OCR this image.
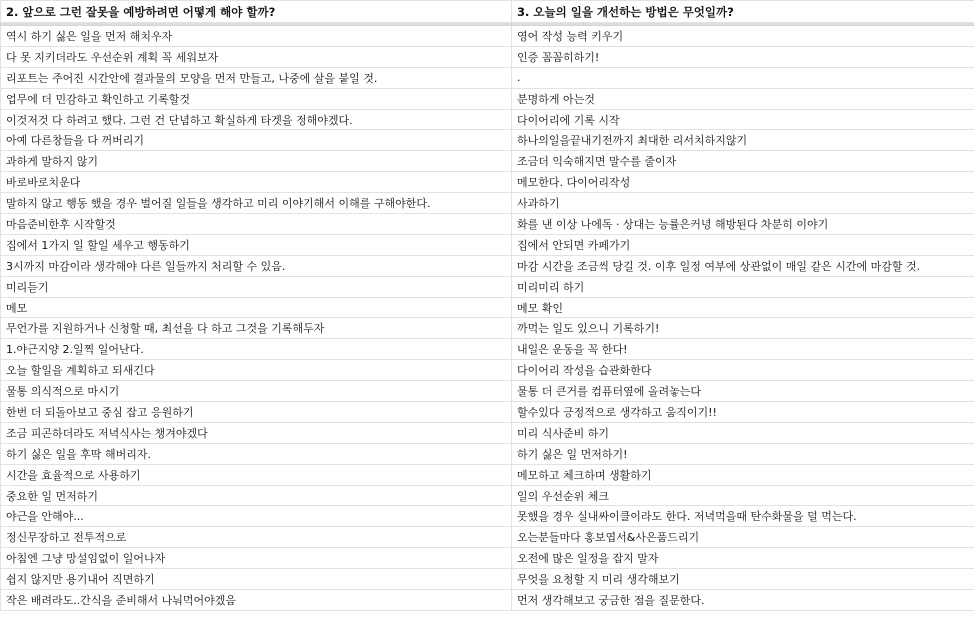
2. 앞으로 그런 잘못을 예방하려면 어떻게 해야 할까?	3. 오늘의 일을 개선하는 방법은 무엇일까?

역시 하기 싫은 일을 먼저 해치우자	영어 작성 능력 키우기
다 못 지키더라도 우선순위 계획 꼭 세워보자	인증 꼼꼼히하기!
리포트는 주어진 시간안에 결과물의 모양을 먼저 만들고, 나중에 살을 붙일 것.	.
업무에 더 민감하고 확인하고 기록할것	분명하게 아는것
이것저것 다 하려고 했다. 그런 건 단념하고 확실하게 타겟을 정해야겠다.	다이어리에 기록 시작
아예 다른창들을 다 꺼버리기	하나의일을끝내기전까지 최대한 리서치하지않기
과하게 말하지 않기	조금더 익숙해지면 말수를 줄이자
바로바로치운다	메모한다. 다이어리작성
말하지 않고 행동 했을 경우 벌어질 일들을 생각하고 미리 이야기해서 이해를 구해야한다.	사과하기
마음준비한후 시작할것	화를 낸 이상 나에독 · 상대는 능률은커녕 해방된다 차분히 이야기
집에서 1가지 일 할일 세우고 행동하기	집에서 안되면 카페가기
3시까지 마감이라 생각해야 다른 일들까지 처리할 수 있음.	마감 시간을 조금씩 당길 것. 이후 일정 여부에 상관없이 매일 같은 시간에 마감할 것.
미리듣기	미리미리 하기
메모	메모 확인
무언가를 지원하거나 신청할 때, 최선을 다 하고 그것을 기록해두자	까먹는 일도 있으니 기록하기!
1.야근지양 2.일찍 일어난다.	내일은 운동을 꼭 한다!
오늘 할일을 계획하고 되새긴다	다이어리 작성을 습관화한다
물통 의식적으로 마시기	물통 더 큰거를 컴퓨터옆에 올려놓는다
한번 더 되돌아보고 중심 잡고 응원하기	할수있다 긍정적으로 생각하고 움직이기!!
조금 피곤하더라도 저녁식사는 챙겨야겠다	미리 식사준비 하기
하기 싫은 일을 후딱 해버리자.	하기 싫은 일 먼저하기!
시간을 효율적으로 사용하기	메모하고 체크하며 생활하기
중요한 일 먼저하기	일의 우선순위 체크
야근을 안해야...	못했을 경우 실내싸이클이라도 한다. 저녁먹을때 탄수화물을 덜 먹는다.
정신무장하고 전투적으로	오는분들마다 홍보엽서&사은품드리기
아침엔 그냥 망설임없이 일어나자	오전에 많은 일정을 잡지 말자
쉽지 않지만 용기내어 직면하기	무엇을 요청할 지 미리 생각해보기
작은 배려라도..간식을 준비해서 나눠먹어야겠음	먼저 생각해보고 궁금한 점을 질문한다.
